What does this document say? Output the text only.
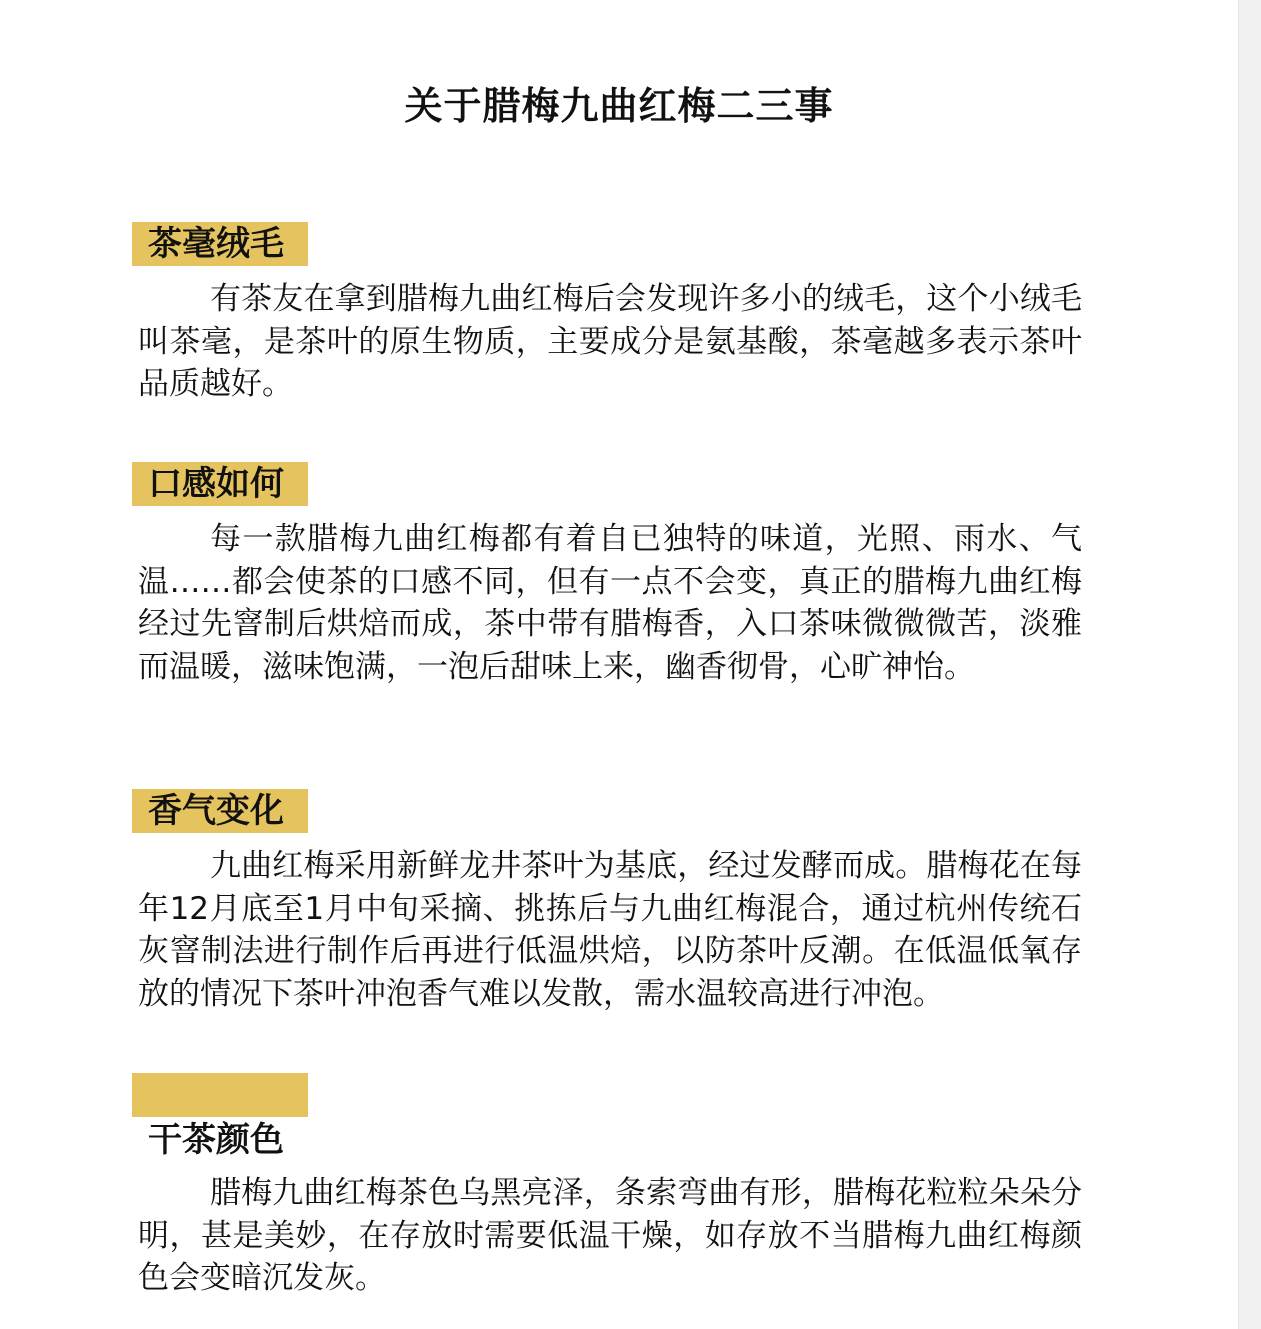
关于腊梅九曲红梅二三事
茶毫绒毛

有茶友在拿到腊梅九曲红梅后会发现许多小的绒毛，这个小绒毛叫茶毫，是茶叶的原生物质，主要成分是氨基酸，茶毫越多表示茶叶品质越好。

口感如何

每一款腊梅九曲红梅都有着自已独特的味道，光照、雨水、气温……都会使茶的口感不同，但有一点不会变，真正的腊梅九曲红梅经过先窨制后烘焙而成，茶中带有腊梅香，入口茶味微微微苦，淡雅而温暖，滋味饱满，一泡后甜味上来，幽香彻骨，心旷神怡。

香气变化

九曲红梅采用新鲜龙井茶叶为基底，经过发酵而成。腊梅花在每年12月底至1月中旬采摘、挑拣后与九曲红梅混合，通过杭州传统石灰窨制法进行制作后再进行低温烘焙，以防茶叶反潮。在低温低氧存放的情况下茶叶冲泡香气难以发散，需水温较高进行冲泡。

干茶颜色

腊梅九曲红梅茶色乌黑亮泽，条索弯曲有形，腊梅花粒粒朵朵分明，甚是美妙，在存放时需要低温干燥，如存放不当腊梅九曲红梅颜色会变暗沉发灰。
